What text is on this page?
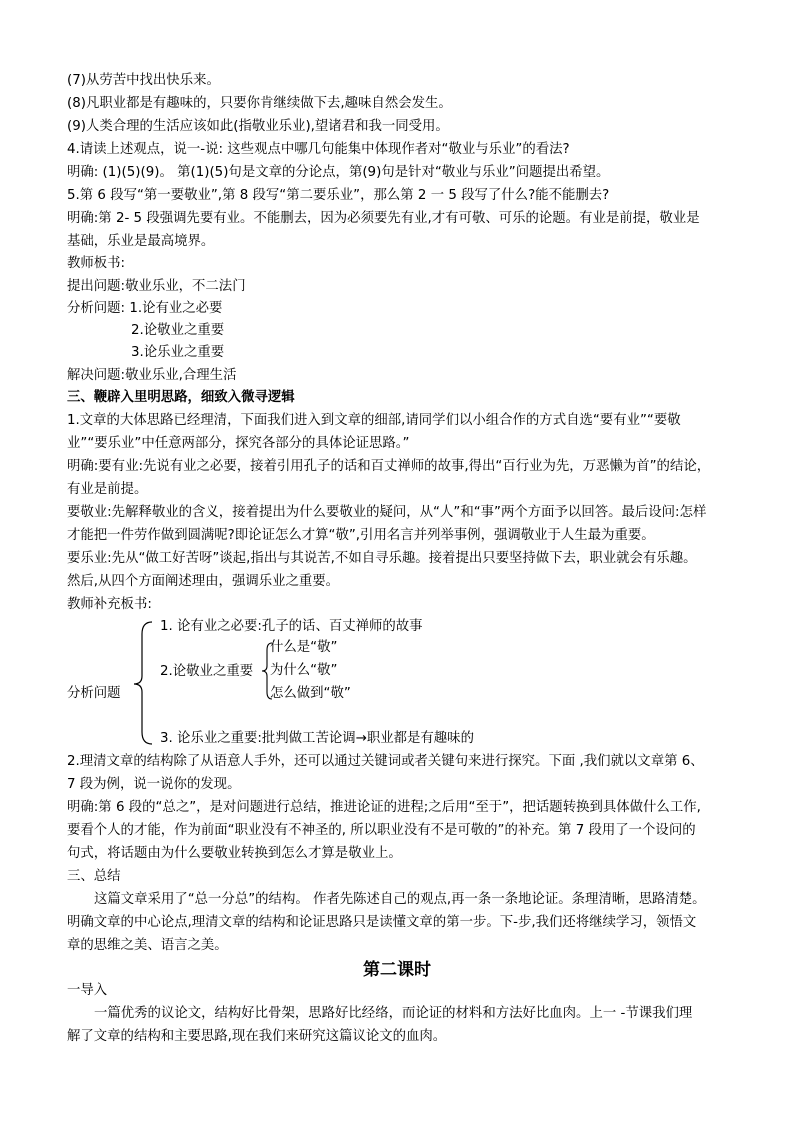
(7)从劳苦中找出快乐来。
(8)凡职业都是有趣味的，只要你肯继续做下去,趣味自然会发生。
(9)人类合理的生活应该如此(指敬业乐业),望诸君和我一同受用。
4.请读上述观点，说一-说: 这些观点中哪几句能集中体现作者对“敬业与乐业”的看法?
明确: (1)(5)(9)。 第(1)(5)句是文章的分论点，第(9)句是针对“敬业与乐业”问题提出希望。
5.第 6 段写“第一要敬业”,第 8 段写“第二要乐业”，那么第 2 一 5 段写了什么?能不能删去?
明确:第 2- 5 段强调先要有业。不能删去，因为必须要先有业,才有可敬、可乐的论题。有业是前提，敬业是
基础，乐业是最高境界。
教师板书:
提出问题:敬业乐业，不二法门
分析问题: 1.论有业之必要
2.论敬业之重要
3.论乐业之重要
解决问题:敬业乐业,合理生活
三、鞭辟入里明思路，细致入微寻逻辑
1.文章的大体思路已经理清，下面我们进入到文章的细部,请同学们以小组合作的方式自选“要有业”“要敬
业”“要乐业”中任意两部分，探究各部分的具体论证思路。”
明确:要有业:先说有业之必要，接着引用孔子的话和百丈禅师的故事,得出“百行业为先，万恶懒为首”的结论，
有业是前提。
要敬业:先解释敬业的含义，接着提出为什么要敬业的疑问，从“人”和“事”两个方面予以回答。最后设问:怎样
才能把一件劳作做到圆满呢?即论证怎么才算“敬”,引用名言并列举事例，强调敬业于人生最为重要。
要乐业:先从“做工好苦呀”谈起,指出与其说苦,不如自寻乐趣。接着提出只要坚持做下去，职业就会有乐趣。
然后,从四个方面阐述理由，强调乐业之重要。
教师补充板书:
分析问题
1. 论有业之必要:孔子的话、百丈禅师的故事
2.论敬业之重要
什么是“敬”
为什么“敬”
怎么做到“敬”
3. 论乐业之重要:批判做工苦论调→职业都是有趣味的
2.理清文章的结构除了从语意人手外，还可以通过关键词或者关键句来进行探究。下面 ,我们就以文章第 6、
7 段为例，说一说你的发现。
明确:第 6 段的“总之”，是对问题进行总结，推进论证的进程;之后用“至于”，把话题转换到具体做什么工作,
要看个人的才能，作为前面“职业没有不神圣的, 所以职业没有不是可敬的”的补充。第 7 段用了一个设问的
句式，将话题由为什么要敬业转换到怎么才算是敬业上。
三、总结
这篇文章采用了“总一分总”的结构。 作者先陈述自己的观点,再一条一条地论证。条理清晰，思路清楚。
明确文章的中心论点,理清文章的结构和论证思路只是读懂文章的第一步。下-步,我们还将继续学习，领悟文
章的思维之美、语言之美。
第二课时
一导入
一篇优秀的议论文，结构好比骨架，思路好比经络，而论证的材料和方法好比血肉。上一 -节课我们理
解了文章的结构和主要思路,现在我们来研究这篇议论文的血肉。
